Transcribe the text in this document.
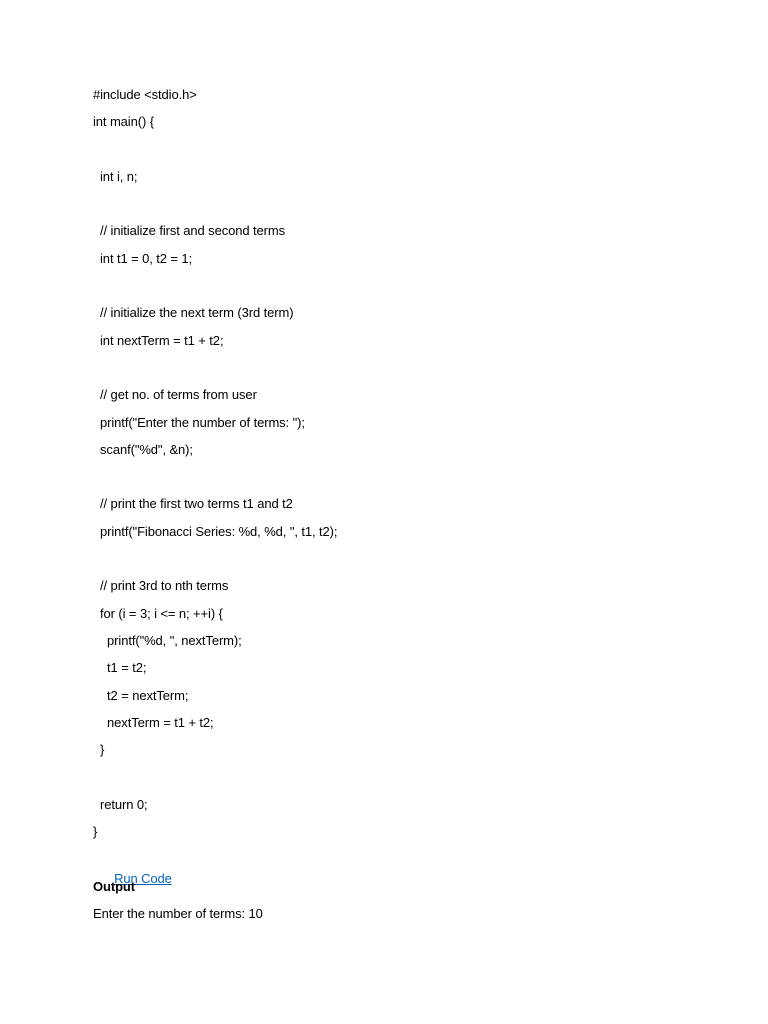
#include <stdio.h>
int main() {
int i, n;
// initialize first and second terms
int t1 = 0, t2 = 1;
// initialize the next term (3rd term)
int nextTerm = t1 + t2;
// get no. of terms from user
printf("Enter the number of terms: ");
scanf("%d", &n);
// print the first two terms t1 and t2
printf("Fibonacci Series: %d, %d, ", t1, t2);
// print 3rd to nth terms
for (i = 3; i <= n; ++i) {
printf("%d, ", nextTerm);
t1 = t2;
t2 = nextTerm;
nextTerm = t1 + t2;
}
return 0;
}

Run Code

Output
Enter the number of terms: 10
